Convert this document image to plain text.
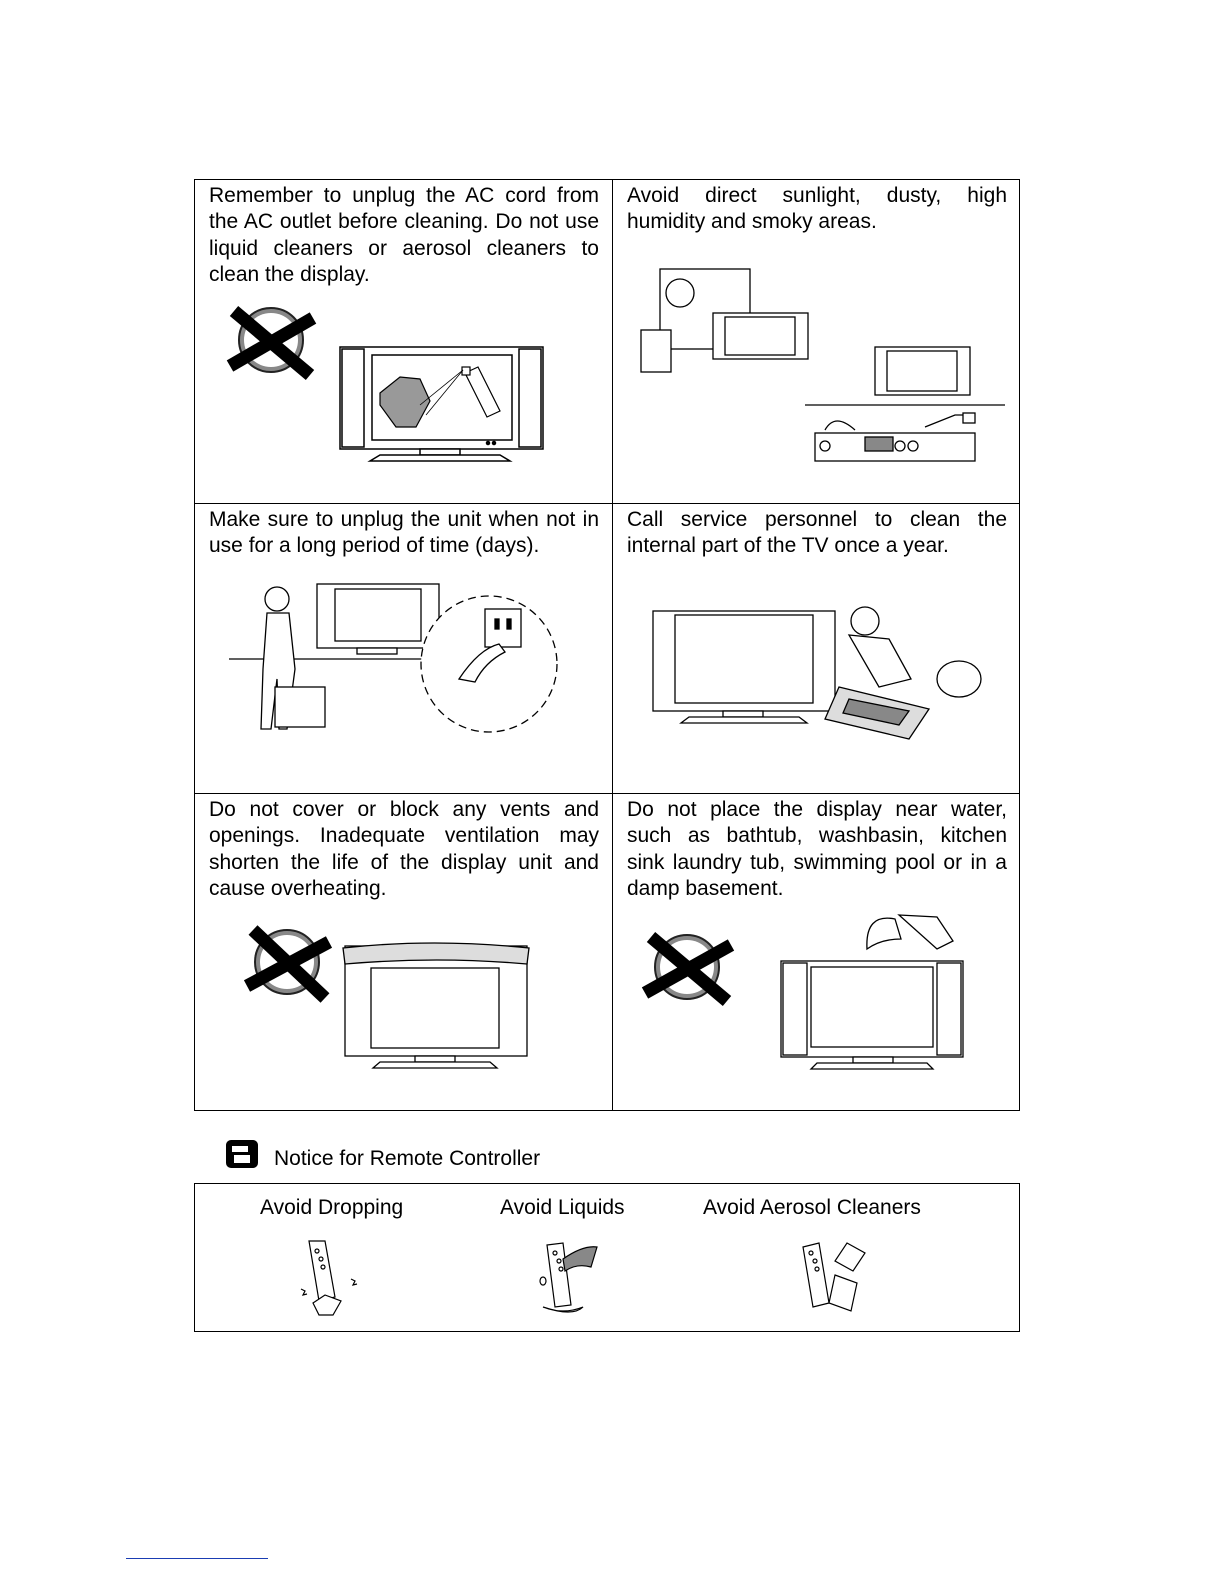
Remember to unplug the AC cord from the AC outlet before cleaning. Do not use liquid cleaners or aerosol cleaners to clean the display.
Avoid direct sunlight, dusty, high humidity and smoky areas.
Make sure to unplug the unit when not in use for a long period of time (days).
Call service personnel to clean the internal part of the TV once a year.
Do not cover or block any vents and openings. Inadequate ventilation may shorten the life of the display unit and cause overheating.
Do not place the display near water, such as bathtub, washbasin, kitchen sink laundry tub, swimming pool or in a damp basement.
Notice for Remote Controller
Avoid Dropping	Avoid Liquids	Avoid Aerosol Cleaners
